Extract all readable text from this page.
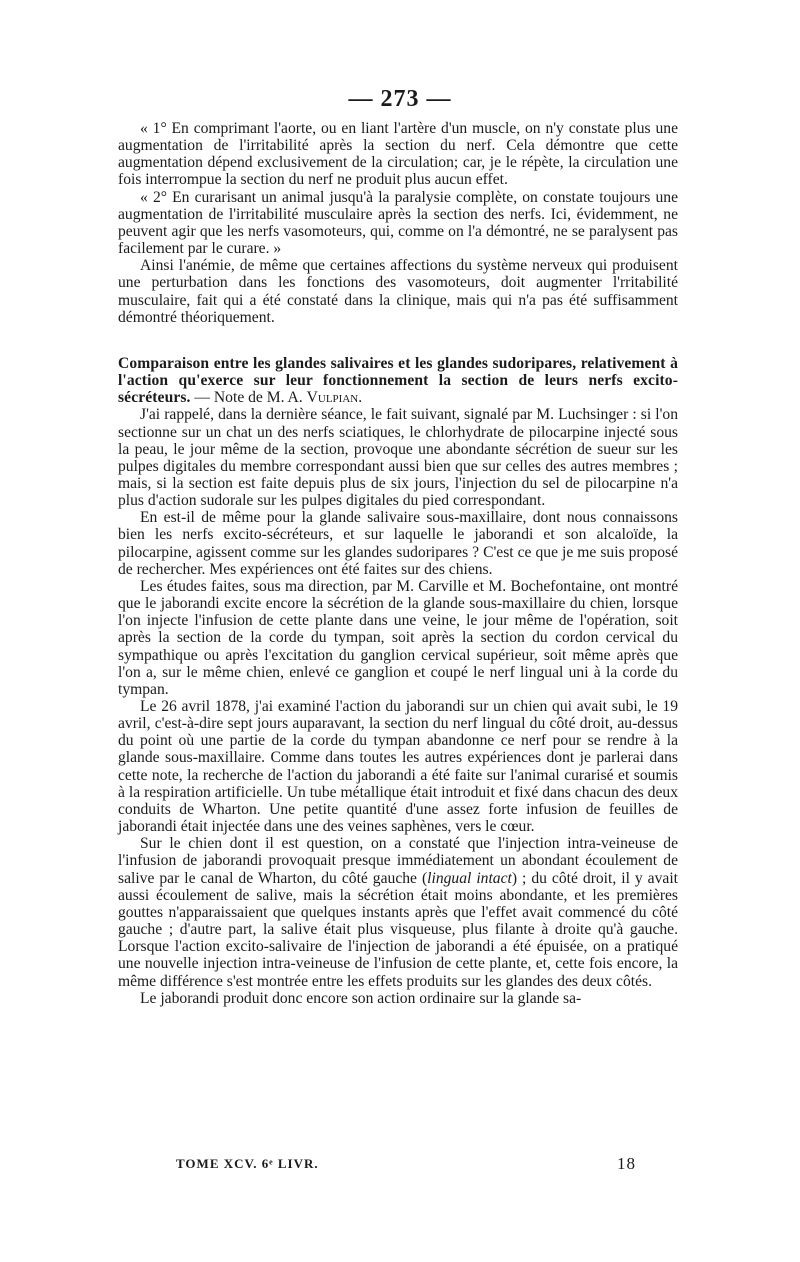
— 273 —

« 1° En comprimant l'aorte, ou en liant l'artère d'un muscle, on n'y constate plus une augmentation de l'irritabilité après la section du nerf. Cela démontre que cette augmentation dépend exclusivement de la circulation; car, je le répète, la circulation une fois interrompue la section du nerf ne produit plus aucun effet.

« 2° En curarisant un animal jusqu'à la paralysie complète, on constate toujours une augmentation de l'irritabilité musculaire après la section des nerfs. Ici, évidemment, ne peuvent agir que les nerfs vasomoteurs, qui, comme on l'a démontré, ne se paralysent pas facilement par le curare. »

Ainsi l'anémie, de même que certaines affections du système nerveux qui produisent une perturbation dans les fonctions des vasomoteurs, doit augmenter l'rritabilité musculaire, fait qui a été constaté dans la clinique, mais qui n'a pas été suffisamment démontré théoriquement.

Comparaison entre les glandes salivaires et les glandes sudoripares, relativement à l'action qu'exerce sur leur fonctionnement la section de leurs nerfs excito-sécréteurs. — Note de M. A. Vulpian.

J'ai rappelé, dans la dernière séance, le fait suivant, signalé par M. Luchsinger : si l'on sectionne sur un chat un des nerfs sciatiques, le chlorhydrate de pilocarpine injecté sous la peau, le jour même de la section, provoque une abondante sécrétion de sueur sur les pulpes digitales du membre correspondant aussi bien que sur celles des autres membres ; mais, si la section est faite depuis plus de six jours, l'injection du sel de pilocarpine n'a plus d'action sudorale sur les pulpes digitales du pied correspondant.

En est-il de même pour la glande salivaire sous-maxillaire, dont nous connaissons bien les nerfs excito-sécréteurs, et sur laquelle le jaborandi et son alcaloïde, la pilocarpine, agissent comme sur les glandes sudoripares ? C'est ce que je me suis proposé de rechercher. Mes expériences ont été faites sur des chiens.

Les études faites, sous ma direction, par M. Carville et M. Bochefontaine, ont montré que le jaborandi excite encore la sécrétion de la glande sous-maxillaire du chien, lorsque l'on injecte l'infusion de cette plante dans une veine, le jour même de l'opération, soit après la section de la corde du tympan, soit après la section du cordon cervical du sympathique ou après l'excitation du ganglion cervical supérieur, soit même après que l'on a, sur le même chien, enlevé ce ganglion et coupé le nerf lingual uni à la corde du tympan.

Le 26 avril 1878, j'ai examiné l'action du jaborandi sur un chien qui avait subi, le 19 avril, c'est-à-dire sept jours auparavant, la section du nerf lingual du côté droit, au-dessus du point où une partie de la corde du tympan abandonne ce nerf pour se rendre à la glande sous-maxillaire. Comme dans toutes les autres expériences dont je parlerai dans cette note, la recherche de l'action du jaborandi a été faite sur l'animal curarisé et soumis à la respiration artificielle. Un tube métallique était introduit et fixé dans chacun des deux conduits de Wharton. Une petite quantité d'une assez forte infusion de feuilles de jaborandi était injectée dans une des veines saphènes, vers le cœur.

Sur le chien dont il est question, on a constaté que l'injection intra-veineuse de l'infusion de jaborandi provoquait presque immédiatement un abondant écoulement de salive par le canal de Wharton, du côté gauche (lingual intact) ; du côté droit, il y avait aussi écoulement de salive, mais la sécrétion était moins abondante, et les premières gouttes n'apparaissaient que quelques instants après que l'effet avait commencé du côté gauche ; d'autre part, la salive était plus visqueuse, plus filante à droite qu'à gauche. Lorsque l'action excito-salivaire de l'injection de jaborandi a été épuisée, on a pratiqué une nouvelle injection intra-veineuse de l'infusion de cette plante, et, cette fois encore, la même différence s'est montrée entre les effets produits sur les glandes des deux côtés.

Le jaborandi produit donc encore son action ordinaire sur la glande sa-

TOME XCV. 6ᵉ LIVR.	18
